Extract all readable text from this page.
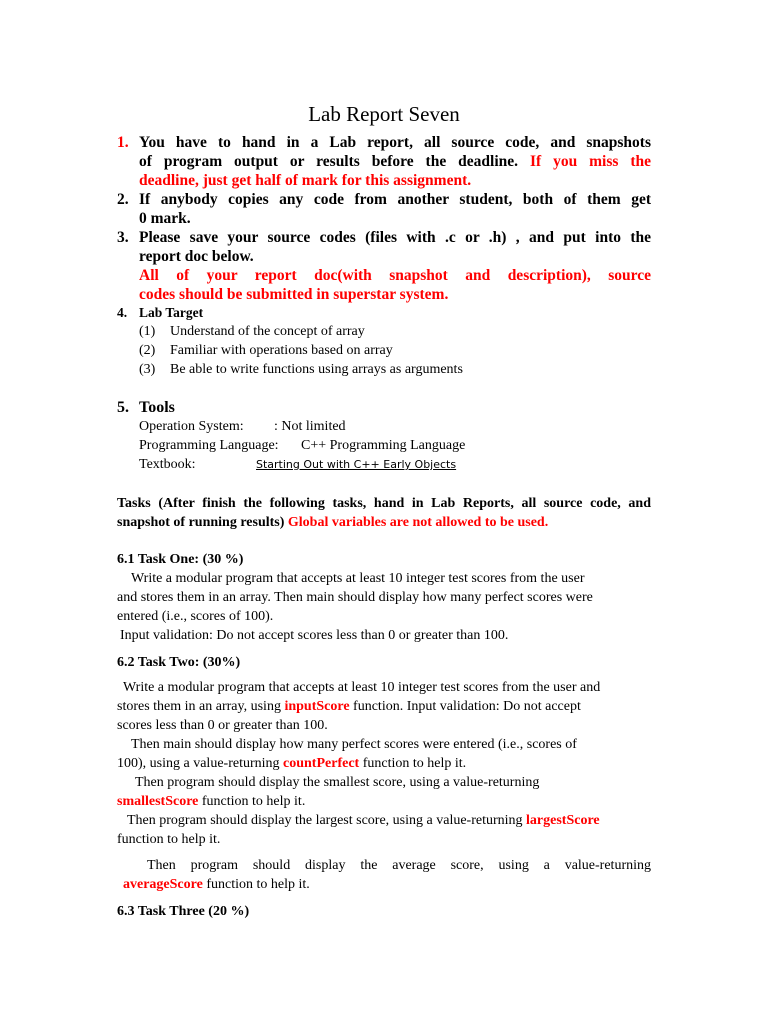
Lab Report Seven
1. You have to hand in a Lab report, all source code, and snapshots
of program output or results before the deadline. If you miss the
deadline, just get half of mark for this assignment.
2. If anybody copies any code from another student, both of them get
0 mark.
3. Please save your source codes (files with .c or .h) , and put into the
report doc below.
All of your report doc(with snapshot and description), source
codes should be submitted in superstar system.
4. Lab Target
(1) Understand of the concept of array
(2) Familiar with operations based on array
(3) Be able to write functions using arrays as arguments
5. Tools
Operation System: : Not limited
Programming Language: C++ Programming Language
Textbook:	Starting Out with C++ Early Objects
Tasks (After finish the following tasks, hand in Lab Reports, all source code, and
snapshot of running results) Global variables are not allowed to be used.
6.1 Task One: (30 %)
Write a modular program that accepts at least 10 integer test scores from the user
and stores them in an array. Then main should display how many perfect scores were
entered (i.e., scores of 100).
Input validation: Do not accept scores less than 0 or greater than 100.
6.2 Task Two: (30%)
Write a modular program that accepts at least 10 integer test scores from the user and
stores them in an array, using inputScore function. Input validation: Do not accept
scores less than 0 or greater than 100.
Then main should display how many perfect scores were entered (i.e., scores of
100), using a value-returning countPerfect function to help it.
Then program should display the smallest score, using a value-returning
smallestScore function to help it.
Then program should display the largest score, using a value-returning largestScore
function to help it.
Then program should display the average score, using a value-returning
averageScore function to help it.
6.3 Task Three (20 %)
